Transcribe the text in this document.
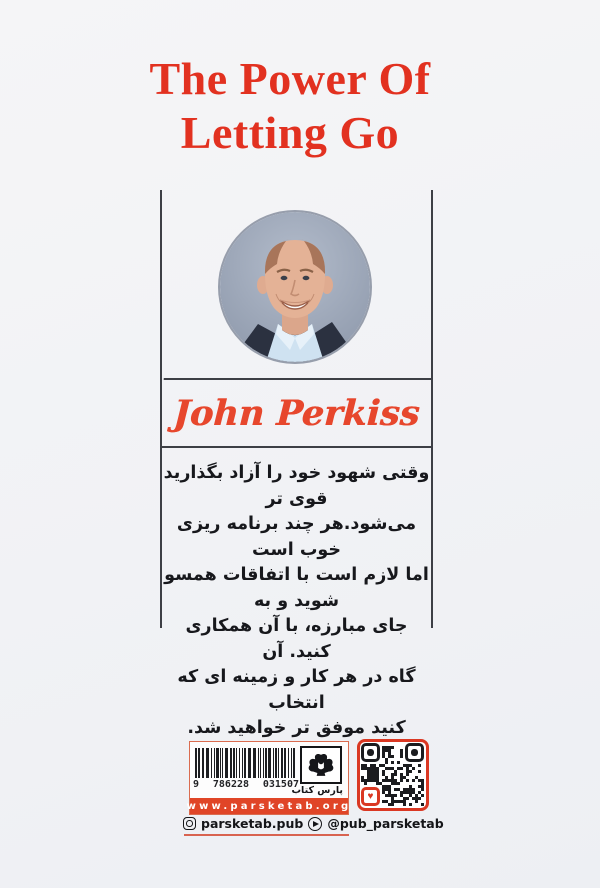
The Power Of
Letting Go
John Perkiss
وقتی شهود خود را آزاد بگذارید قوی تر
می‌شود.هر چند برنامه ریزی خوب است
اما لازم است با اتفاقات همسو شوید و به
جای مبارزه، با آن همکاری کنید. آن
گاه در هر کار و زمینه ای که انتخاب
کنید موفق تر خواهید شد.
9 786228 031507
پارس کتاب
www.parsketab.org
♥
parsketab.pub @pub_parsketab
